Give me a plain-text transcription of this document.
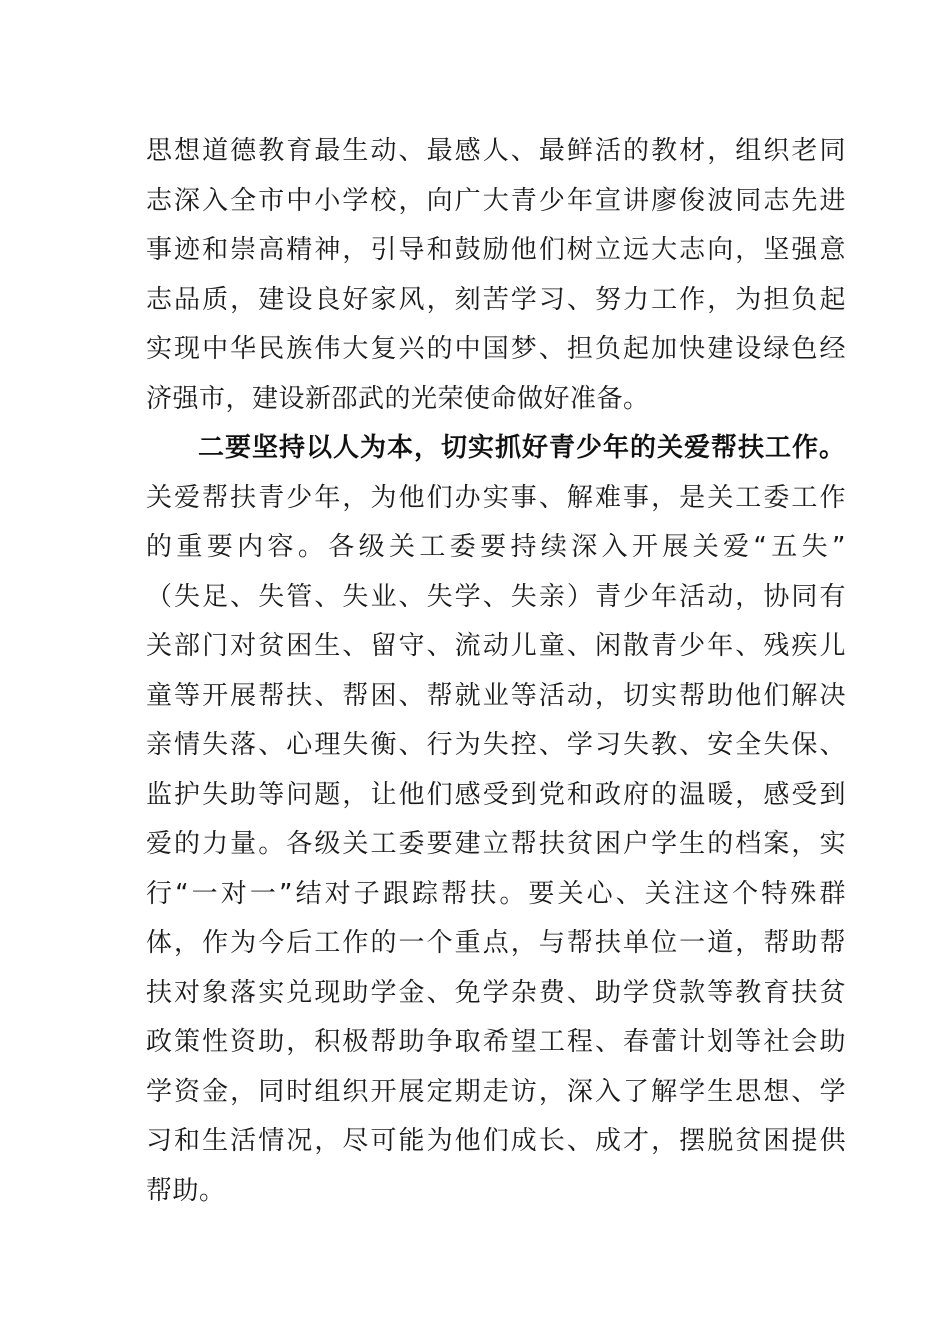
思想道德教育最生动、最感人、最鲜活的教材，组织老同
志深入全市中小学校，向广大青少年宣讲廖俊波同志先进
事迹和崇高精神，引导和鼓励他们树立远大志向，坚强意
志品质，建设良好家风，刻苦学习、努力工作，为担负起
实现中华民族伟大复兴的中国梦、担负起加快建设绿色经
济强市，建设新邵武的光荣使命做好准备。
二要坚持以人为本，切实抓好青少年的关爱帮扶工作。
关爱帮扶青少年，为他们办实事、解难事，是关工委工作
的重要内容。各级关工委要持续深入开展关爱“五失”
（失足、失管、失业、失学、失亲）青少年活动，协同有
关部门对贫困生、留守、流动儿童、闲散青少年、残疾儿
童等开展帮扶、帮困、帮就业等活动，切实帮助他们解决
亲情失落、心理失衡、行为失控、学习失教、安全失保、
监护失助等问题，让他们感受到党和政府的温暖，感受到
爱的力量。各级关工委要建立帮扶贫困户学生的档案，实
行“一对一”结对子跟踪帮扶。要关心、关注这个特殊群
体，作为今后工作的一个重点，与帮扶单位一道，帮助帮
扶对象落实兑现助学金、免学杂费、助学贷款等教育扶贫
政策性资助，积极帮助争取希望工程、春蕾计划等社会助
学资金，同时组织开展定期走访，深入了解学生思想、学
习和生活情况，尽可能为他们成长、成才，摆脱贫困提供
帮助。
